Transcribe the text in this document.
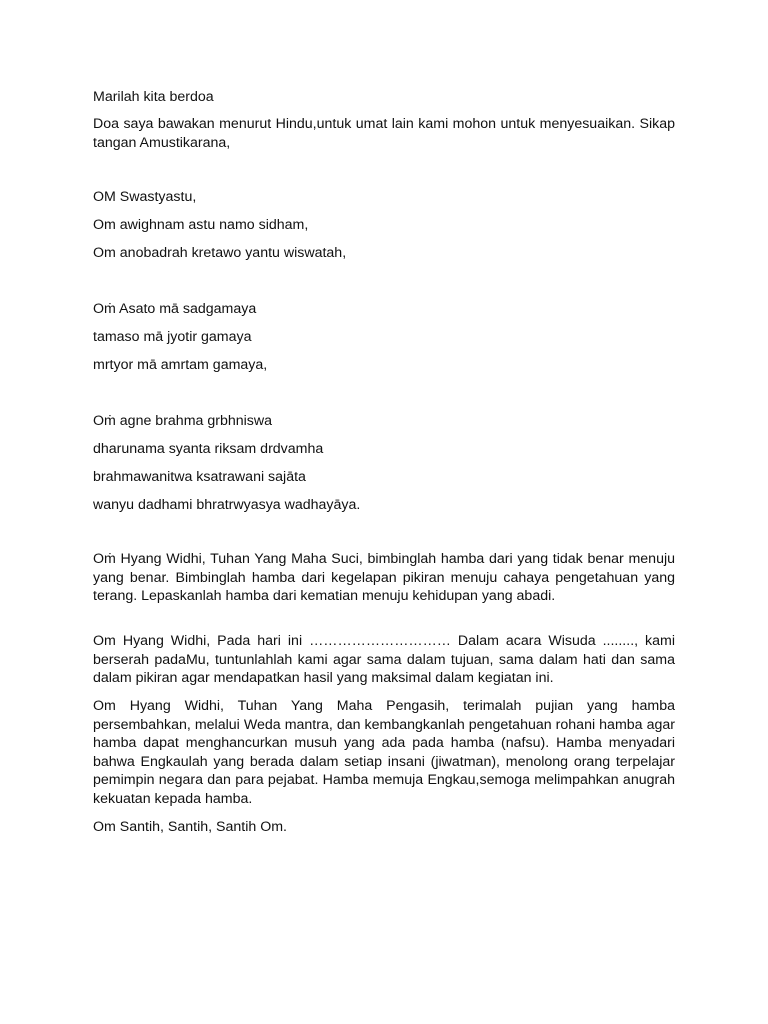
Marilah kita berdoa
Doa saya bawakan menurut Hindu,untuk umat lain kami mohon untuk menyesuaikan. Sikap tangan Amustikarana,
OM Swastyastu,
Om awighnam astu namo sidham,
Om anobadrah kretawo yantu wiswatah,
Oṁ Asato mā sadgamaya
tamaso mā jyotir gamaya
mrtyor mā amrtam gamaya,
Oṁ agne brahma grbhniswa
dharunama syanta riksam drdvamha
brahmawanitwa ksatrawani sajāta
wanyu dadhami bhratrwyasya wadhayāya.
Oṁ Hyang Widhi, Tuhan Yang Maha Suci, bimbinglah hamba dari yang tidak benar menuju yang benar. Bimbinglah hamba dari kegelapan pikiran menuju cahaya pengetahuan yang terang. Lepaskanlah hamba dari kematian menuju kehidupan yang abadi.
Om Hyang Widhi, Pada hari ini ………………………… Dalam acara Wisuda ........, kami berserah padaMu, tuntunlahlah kami agar sama dalam tujuan, sama dalam hati dan sama dalam pikiran agar mendapatkan hasil yang maksimal dalam kegiatan ini.
Om Hyang Widhi, Tuhan Yang Maha Pengasih, terimalah pujian yang hamba persembahkan, melalui Weda mantra, dan kembangkanlah pengetahuan rohani hamba agar hamba dapat menghancurkan musuh yang ada pada hamba (nafsu). Hamba menyadari bahwa Engkaulah yang berada dalam setiap insani (jiwatman), menolong orang terpelajar pemimpin negara dan para pejabat. Hamba memuja Engkau,semoga melimpahkan anugrah kekuatan kepada hamba.
Om Santih, Santih, Santih Om.
